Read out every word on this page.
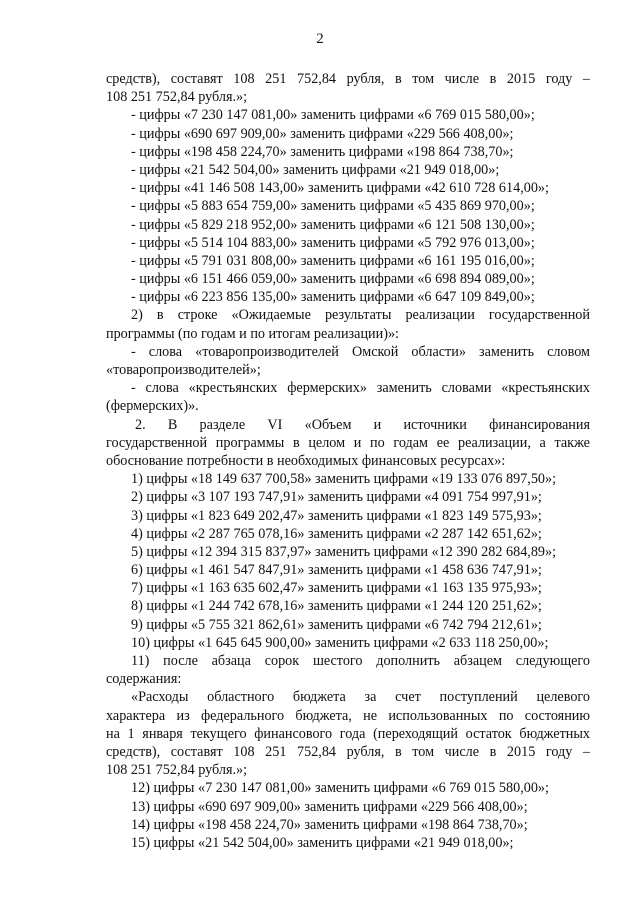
2
средств), составят 108 251 752,84 рубля, в том числе в 2015 году –
108 251 752,84 рубля.»;
- цифры «7 230 147 081,00» заменить цифрами «6 769 015 580,00»;
- цифры «690 697 909,00» заменить цифрами «229 566 408,00»;
- цифры «198 458 224,70» заменить цифрами «198 864 738,70»;
- цифры «21 542 504,00» заменить цифрами «21 949 018,00»;
- цифры «41 146 508 143,00» заменить цифрами «42 610 728 614,00»;
- цифры «5 883 654 759,00» заменить цифрами «5 435 869 970,00»;
- цифры «5 829 218 952,00» заменить цифрами «6 121 508 130,00»;
- цифры «5 514 104 883,00» заменить цифрами «5 792 976 013,00»;
- цифры «5 791 031 808,00» заменить цифрами «6 161 195 016,00»;
- цифры «6 151 466 059,00» заменить цифрами «6 698 894 089,00»;
- цифры «6 223 856 135,00» заменить цифрами «6 647 109 849,00»;
2) в строке «Ожидаемые результаты реализации государственной
программы (по годам и по итогам реализации)»:
- слова «товаропроизводителей Омской области» заменить словом
«товаропроизводителей»;
- слова «крестьянских фермерских» заменить словами «крестьянских
(фермерских)».
2. В разделе VI «Объем и источники финансирования
государственной программы в целом и по годам ее реализации, а также
обоснование потребности в необходимых финансовых ресурсах»:
1) цифры «18 149 637 700,58» заменить цифрами «19 133 076 897,50»;
2) цифры «3 107 193 747,91» заменить цифрами «4 091 754 997,91»;
3) цифры «1 823 649 202,47» заменить цифрами «1 823 149 575,93»;
4) цифры «2 287 765 078,16» заменить цифрами «2 287 142 651,62»;
5) цифры «12 394 315 837,97» заменить цифрами «12 390 282 684,89»;
6) цифры «1 461 547 847,91» заменить цифрами «1 458 636 747,91»;
7) цифры «1 163 635 602,47» заменить цифрами «1 163 135 975,93»;
8) цифры «1 244 742 678,16» заменить цифрами «1 244 120 251,62»;
9) цифры «5 755 321 862,61» заменить цифрами «6 742 794 212,61»;
10) цифры «1 645 645 900,00» заменить цифрами «2 633 118 250,00»;
11) после абзаца сорок шестого дополнить абзацем следующего
содержания:
«Расходы областного бюджета за счет поступлений целевого
характера из федерального бюджета, не использованных по состоянию
на 1 января текущего финансового года (переходящий остаток бюджетных
средств), составят 108 251 752,84 рубля, в том числе в 2015 году –
108 251 752,84 рубля.»;
12) цифры «7 230 147 081,00» заменить цифрами «6 769 015 580,00»;
13) цифры «690 697 909,00» заменить цифрами «229 566 408,00»;
14) цифры «198 458 224,70» заменить цифрами «198 864 738,70»;
15) цифры «21 542 504,00» заменить цифрами «21 949 018,00»;
